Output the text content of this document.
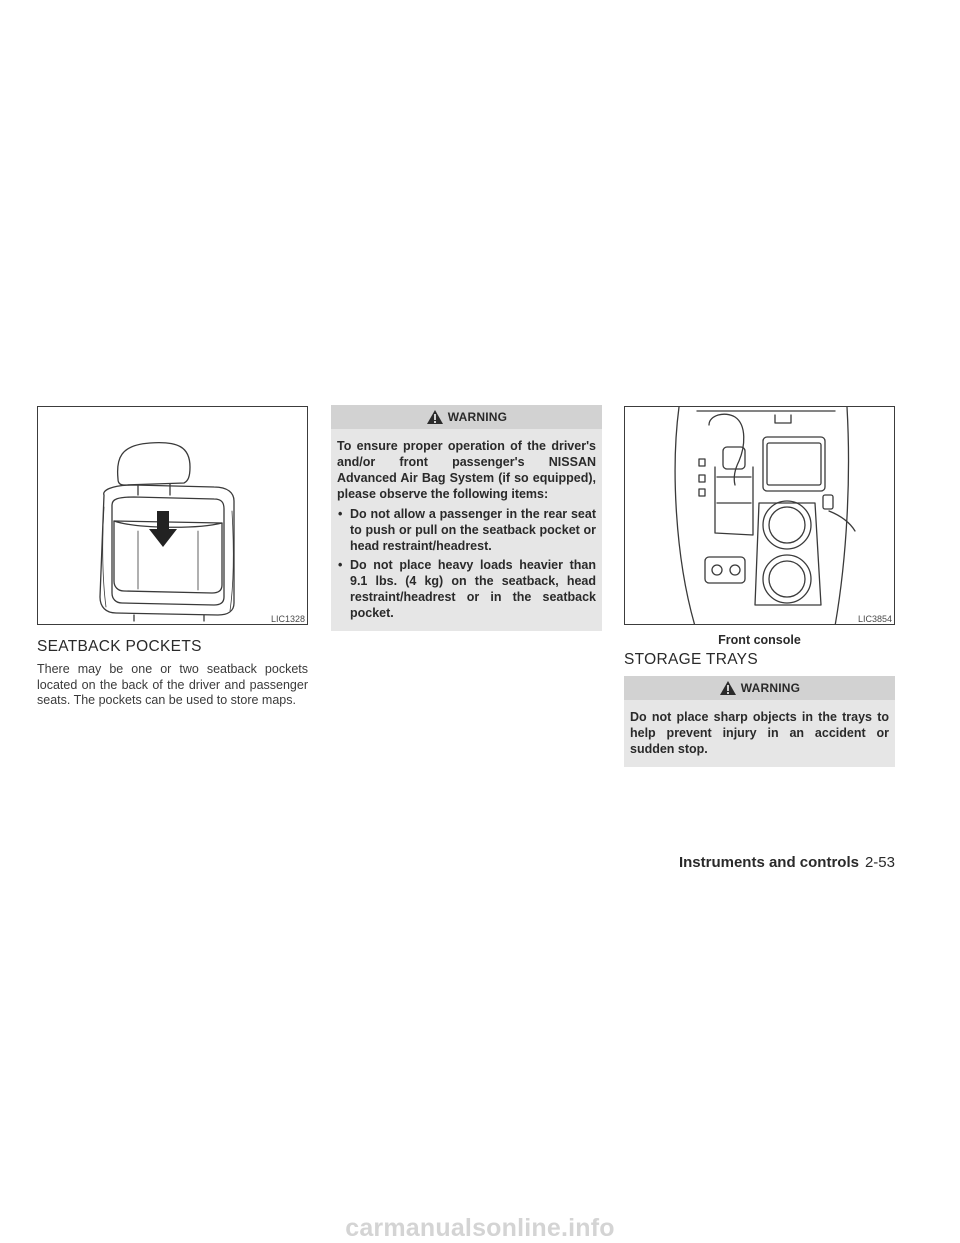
LIC1328
SEATBACK POCKETS

There may be one or two seatback pockets located on the back of the driver and passenger seats. The pockets can be used to store maps.

WARNING

To ensure proper operation of the driver's and/or front passenger's NISSAN Advanced Air Bag System (if so equipped), please observe the following items:

• Do not allow a passenger in the rear seat to push or pull on the seatback pocket or head restraint/headrest.
• Do not place heavy loads heavier than 9.1 lbs. (4 kg) on the seatback, head restraint/headrest or in the seatback pocket.	LIC3854
Front console
STORAGE TRAYS
WARNING

Do not place sharp objects in the trays to help prevent injury in an accident or sudden stop.

Instruments and controls 2-53
carmanualsonline.info
